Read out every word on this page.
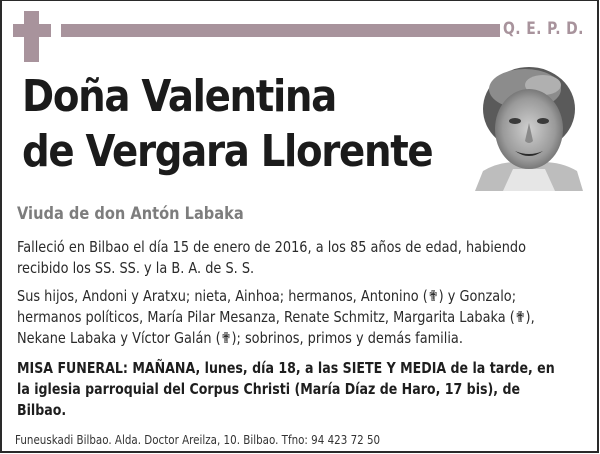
Q. E. P. D.
Doña Valentina
de Vergara Llorente
Viuda de don Antón Labaka
Falleció en Bilbao el día 15 de enero de 2016, a los 85 años de edad, habiendo
recibido los SS. SS. y la B. A. de S. S.
Sus hijos, Andoni y Aratxu; nieta, Ainhoa; hermanos, Antonino (✟) y Gonzalo;
hermanos políticos, María Pilar Mesanza, Renate Schmitz, Margarita Labaka (✟),
Nekane Labaka y Víctor Galán (✟); sobrinos, primos y demás familia.
MISA FUNERAL: MAÑANA, lunes, día 18, a las SIETE Y MEDIA de la tarde, en
la iglesia parroquial del Corpus Christi (María Díaz de Haro, 17 bis), de
Bilbao.
Funeuskadi Bilbao. Alda. Doctor Areilza, 10. Bilbao. Tfno: 94 423 72 50
